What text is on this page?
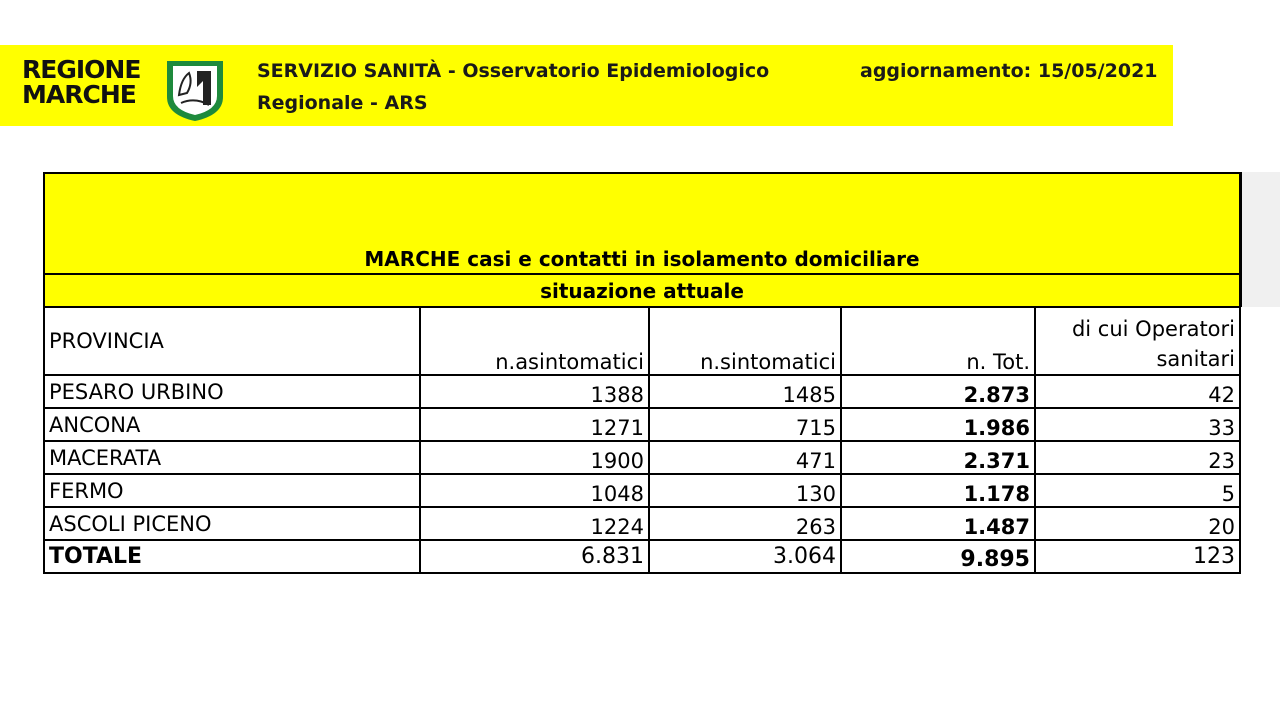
REGIONE
MARCHE
SERVIZIO SANITÀ - Osservatorio Epidemiologico Regionale - ARS
aggiornamento: 15/05/2021
MARCHE casi e contatti in isolamento domiciliare				
situazione attuale				
PROVINCIA	n.asintomatici	n.sintomatici	n. Tot.	di cui Operatori sanitari
PESARO URBINO	1388	1485	2.873	42
ANCONA	1271	715	1.986	33
MACERATA	1900	471	2.371	23
FERMO	1048	130	1.178	5
ASCOLI PICENO	1224	263	1.487	20
TOTALE	6.831	3.064	9.895	123
